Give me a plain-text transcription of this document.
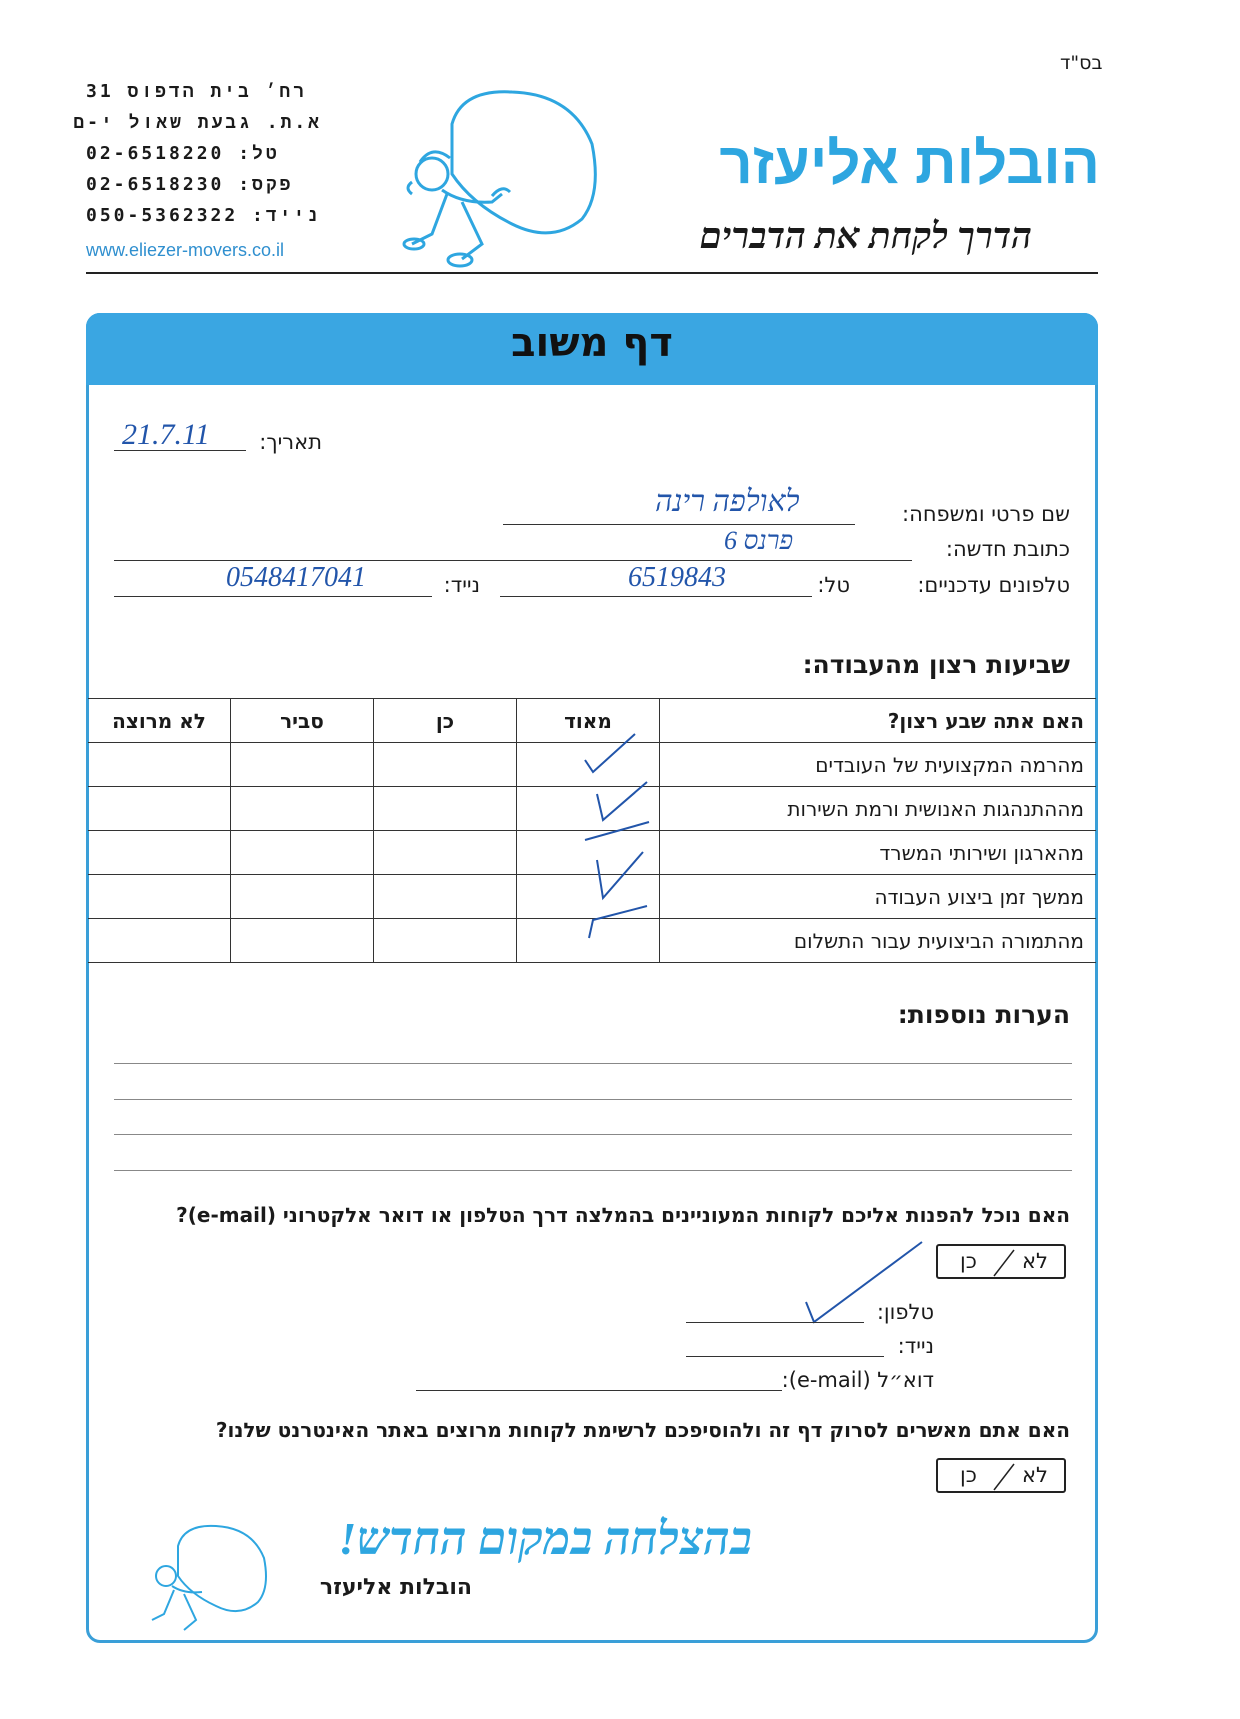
בס"ד
רח׳ בית הדפוס 31
א.ת. גבעת שאול י-ם
טל: 02-6518220
פקס: 02-6518230
נייד: 050-5362322
www.eliezer-movers.co.il
הובלות אליעזר
הדרך לקחת את הדברים
דף משוב
תאריך:
21.7.11
שם פרטי ומשפחה:
לאולפה רינה
כתובת חדשה:
פרנס 6
טלפונים עדכניים:
טל:
6519843
נייד:
0548417041
שביעות רצון מהעבודה:
האם אתה שבע רצון?	מאוד	כן	סביר	לא מרוצה
מהרמה המקצועית של העובדים				
מההתנהגות האנושית ורמת השירות				
מהארגון ושירותי המשרד				
ממשך זמן ביצוע העבודה				
מהתמורה הביצועית עבור התשלום				
הערות נוספות:
האם נוכל להפנות אליכם לקוחות המעוניינים בהמלצה דרך הטלפון או דואר אלקטרוני (e-mail)?
לא
כן
טלפון:
נייד:
דוא״ל (e-mail):
האם אתם מאשרים לסרוק דף זה ולהוסיפכם לרשימת לקוחות מרוצים באתר האינטרנט שלנו?
לא
כן
בהצלחה במקום החדש!
הובלות אליעזר
